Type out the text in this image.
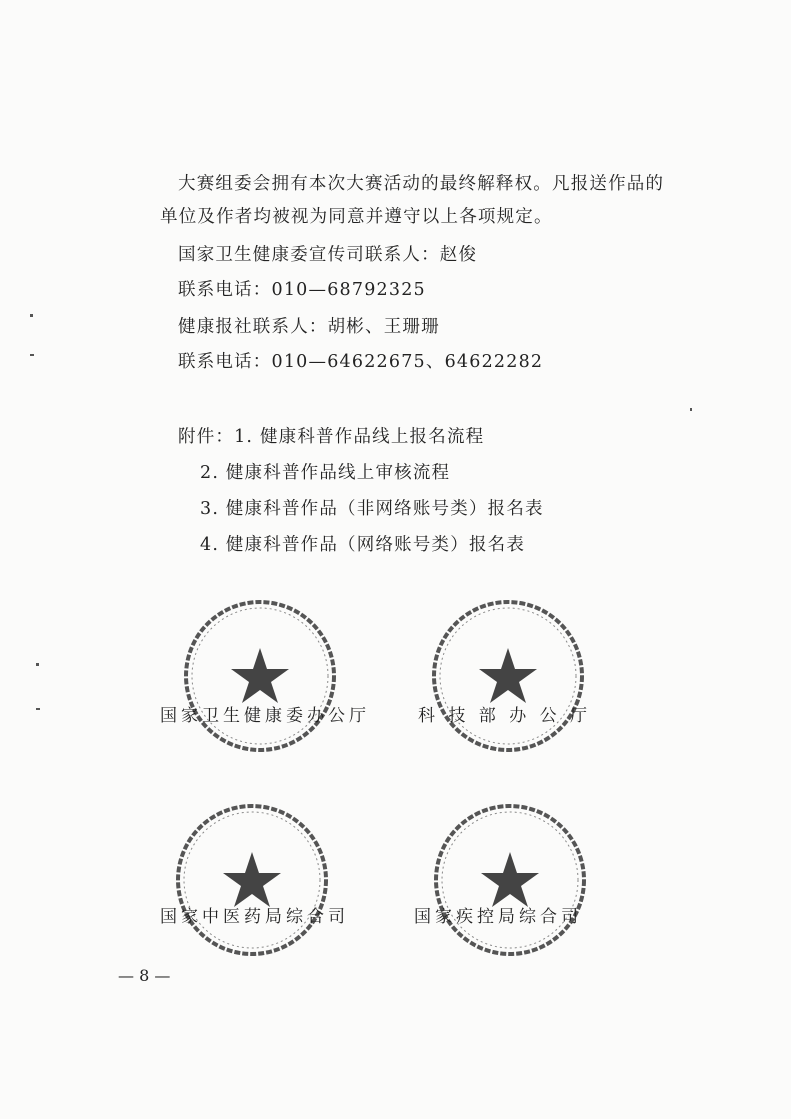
大赛组委会拥有本次大赛活动的最终解释权。凡报送作品的
单位及作者均被视为同意并遵守以上各项规定。
国家卫生健康委宣传司联系人：赵俊
联系电话：010—68792325
健康报社联系人：胡彬、王珊珊
联系电话：010—64622675、64622282
附件：1. 健康科普作品线上报名流程
2. 健康科普作品线上审核流程
3. 健康科普作品（非网络账号类）报名表
4. 健康科普作品（网络账号类）报名表
国家卫生健康委办公厅	科 技 部 办 公 厅
国家中医药局综合司	国家疾控局综合司
— 8 —
